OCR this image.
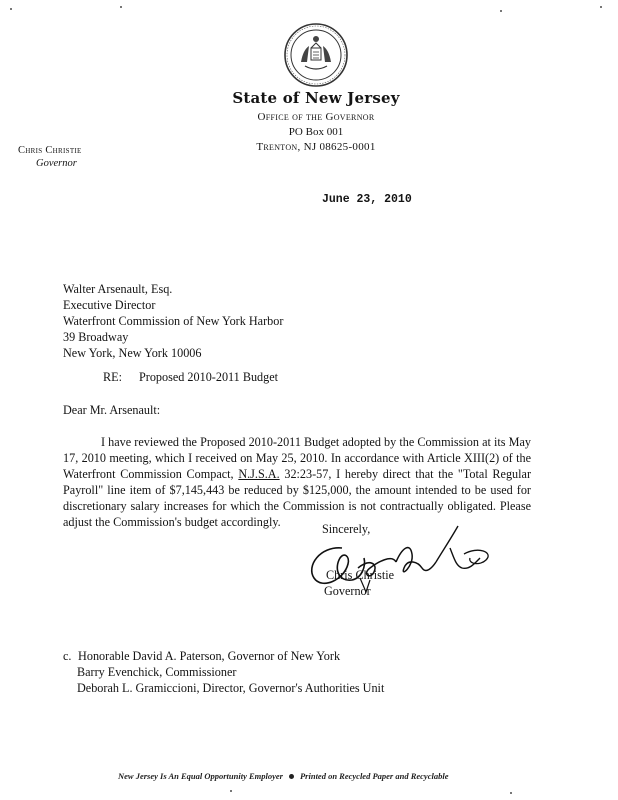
State of New Jersey
Office of the Governor
PO Box 001
Trenton, NJ 08625-0001
Chris Christie
Governor
June 23, 2010
Walter Arsenault, Esq.
Executive Director
Waterfront Commission of New York Harbor
39 Broadway
New York, New York 10006
RE: Proposed 2010-2011 Budget
Dear Mr. Arsenault:

I have reviewed the Proposed 2010-2011 Budget adopted by the Commission at its May 17, 2010 meeting, which I received on May 25, 2010. In accordance with Article XIII(2) of the Waterfront Commission Compact, N.J.S.A. 32:23-57, I hereby direct that the "Total Regular Payroll" line item of $7,145,443 be reduced by $125,000, the amount intended to be used for discretionary salary increases for which the Commission is not contractually obligated. Please adjust the Commission's budget accordingly.	Sincerely,
Chris Christie
Governor
c. Honorable David A. Paterson, Governor of New York
Barry Evenchick, Commissioner
Deborah L. Gramiccioni, Director, Governor's Authorities Unit
New Jersey Is An Equal Opportunity Employer Printed on Recycled Paper and Recyclable
